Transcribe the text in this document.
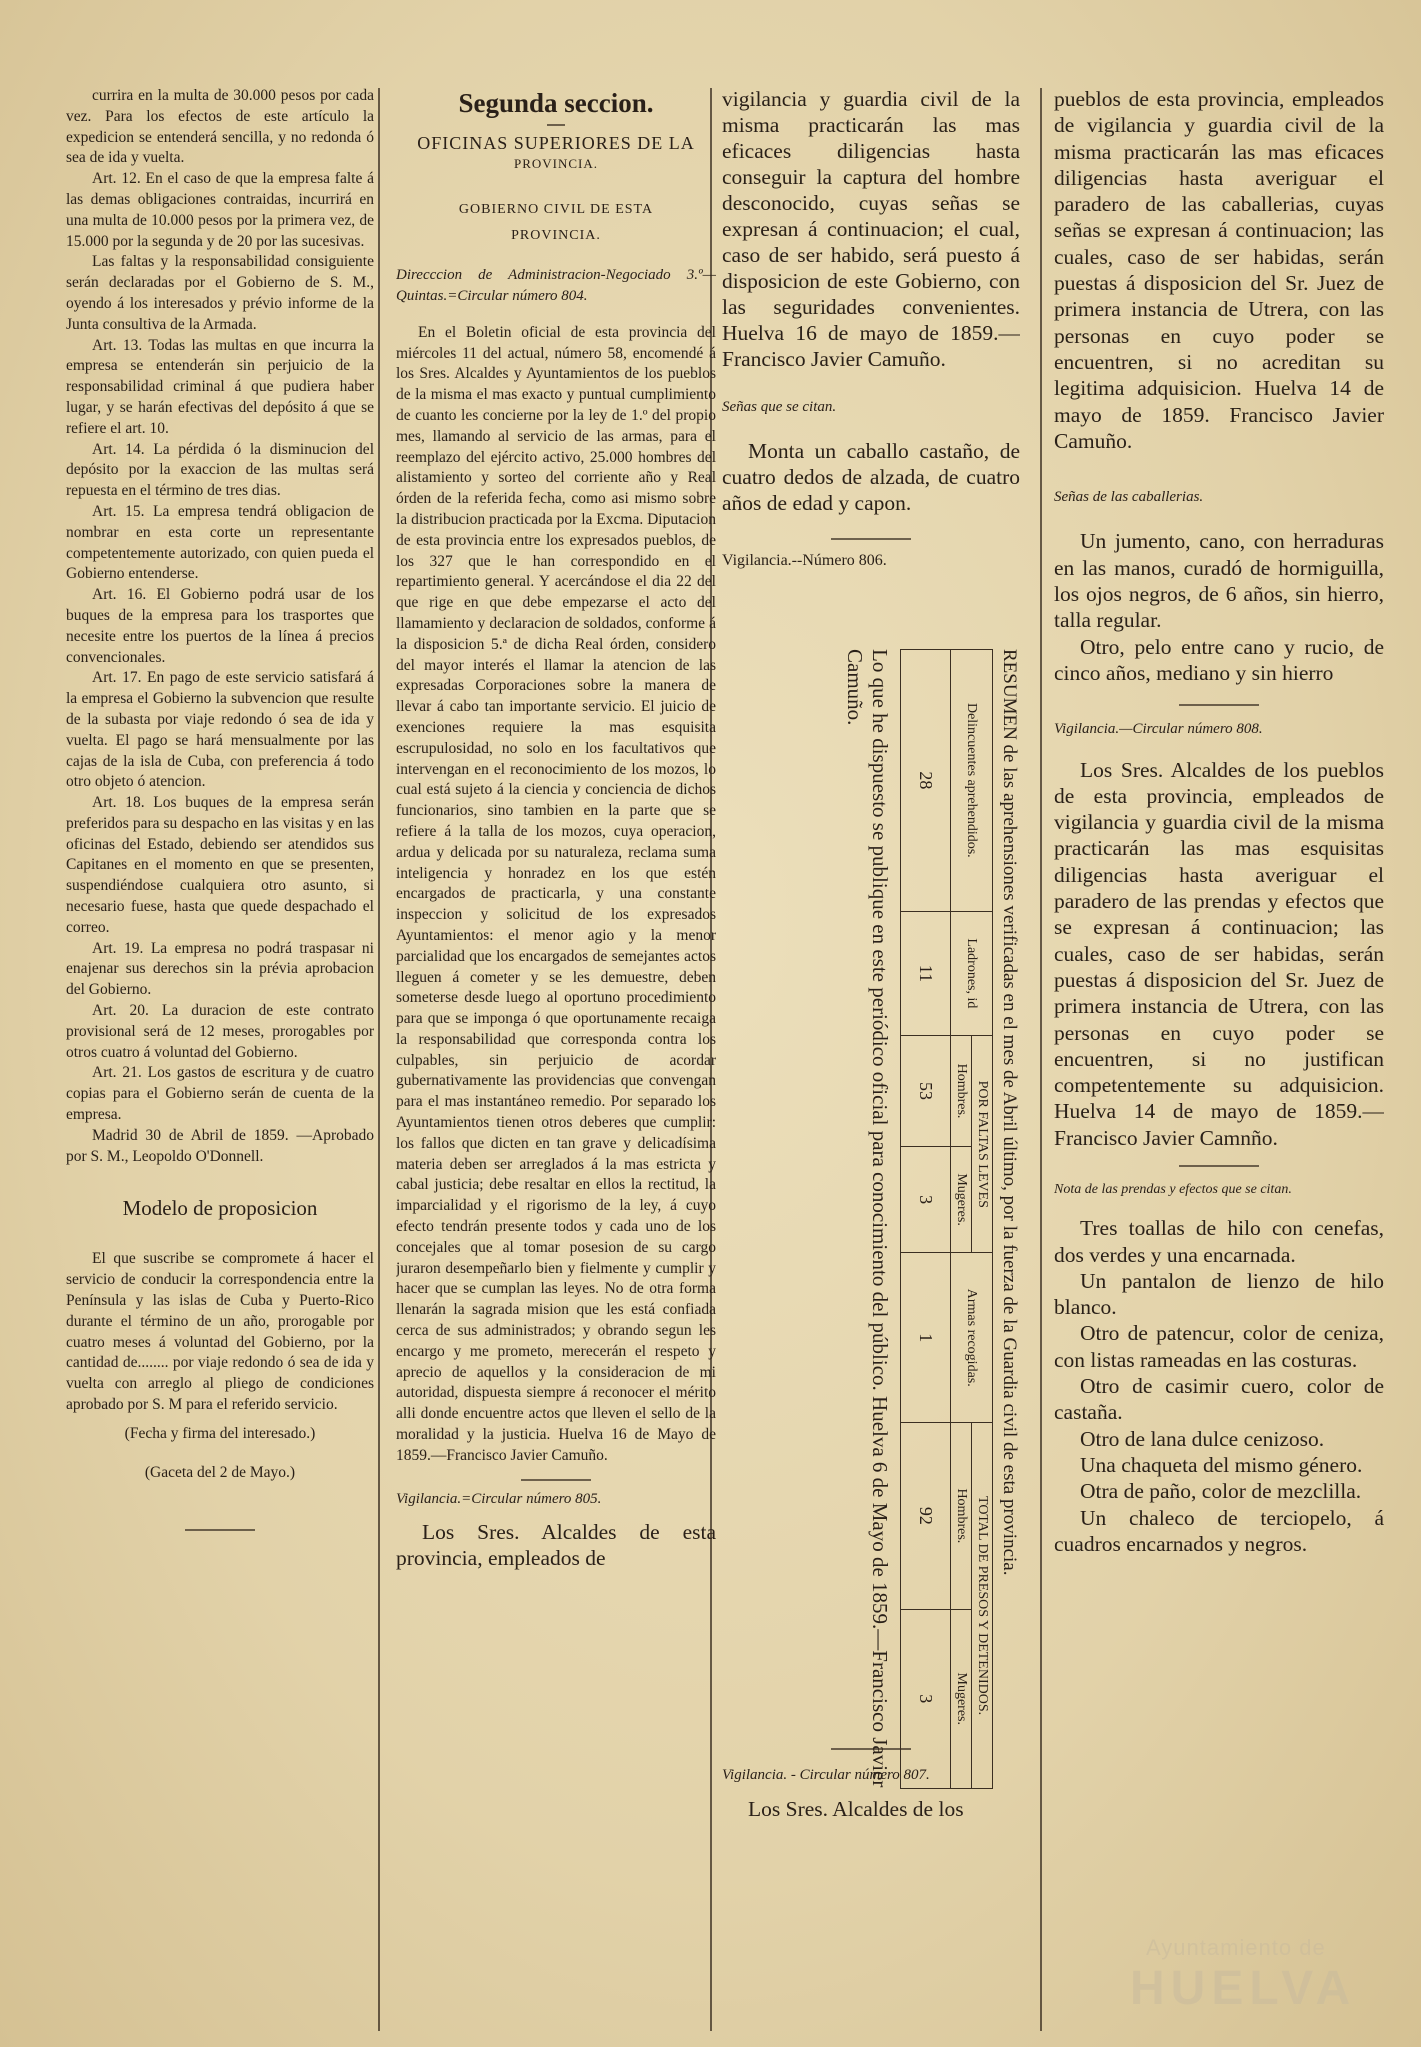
currira en la multa de 30.000 pesos por cada vez. Para los efectos de este artículo la expedicion se entenderá sencilla, y no redonda ó sea de ida y vuelta.

Art. 12. En el caso de que la empresa falte á las demas obligaciones contraidas, incurrirá en una multa de 10.000 pesos por la primera vez, de 15.000 por la segunda y de 20 por las sucesivas.

Las faltas y la responsabilidad consiguiente serán declaradas por el Gobierno de S. M., oyendo á los interesados y prévio informe de la Junta consultiva de la Armada.

Art. 13. Todas las multas en que incurra la empresa se entenderán sin perjuicio de la responsabilidad criminal á que pudiera haber lugar, y se harán efectivas del depósito á que se refiere el art. 10.

Art. 14. La pérdida ó la disminucion del depósito por la exaccion de las multas será repuesta en el término de tres dias.

Art. 15. La empresa tendrá obligacion de nombrar en esta corte un representante competentemente autorizado, con quien pueda el Gobierno entenderse.

Art. 16. El Gobierno podrá usar de los buques de la empresa para los trasportes que necesite entre los puertos de la línea á precios convencionales.

Art. 17. En pago de este servicio satisfará á la empresa el Gobierno la subvencion que resulte de la subasta por viaje redondo ó sea de ida y vuelta. El pago se hará mensualmente por las cajas de la isla de Cuba, con preferencia á todo otro objeto ó atencion.

Art. 18. Los buques de la empresa serán preferidos para su despacho en las visitas y en las oficinas del Estado, debiendo ser atendidos sus Capitanes en el momento en que se presenten, suspendiéndose cualquiera otro asunto, si necesario fuese, hasta que quede despachado el correo.

Art. 19. La empresa no podrá traspasar ni enajenar sus derechos sin la prévia aprobacion del Gobierno.

Art. 20. La duracion de este contrato provisional será de 12 meses, prorogables por otros cuatro á voluntad del Gobierno.

Art. 21. Los gastos de escritura y de cuatro copias para el Gobierno serán de cuenta de la empresa.

Madrid 30 de Abril de 1859. —Aprobado por S. M., Leopoldo O'Donnell.

Modelo de proposicion

El que suscribe se compromete á hacer el servicio de conducir la correspondencia entre la Península y las islas de Cuba y Puerto-Rico durante el término de un año, prorogable por cuatro meses á voluntad del Gobierno, por la cantidad de........ por viaje redondo ó sea de ida y vuelta con arreglo al pliego de condiciones aprobado por S. M para el referido servicio.

(Fecha y firma del interesado.)

(Gaceta del 2 de Mayo.)

Segunda seccion.

OFICINAS SUPERIORES DE LA

PROVINCIA.

GOBIERNO CIVIL DE ESTA PROVINCIA.

Direcccion de Administracion-Negociado 3.º—Quintas.=Circular número 804.

En el Boletin oficial de esta provincia del miércoles 11 del actual, número 58, encomendé á los Sres. Alcaldes y Ayuntamientos de los pueblos de la misma el mas exacto y puntual cumplimiento de cuanto les concierne por la ley de 1.º del propio mes, llamando al servicio de las armas, para el reemplazo del ejército activo, 25.000 hombres del alistamiento y sorteo del corriente año y Real órden de la referida fecha, como asi mismo sobre la distribucion practicada por la Excma. Diputacion de esta provincia entre los expresados pueblos, de los 327 que le han correspondido en el repartimiento general. Y acercándose el dia 22 del que rige en que debe empezarse el acto del llamamiento y declaracion de soldados, conforme á la disposicion 5.ª de dicha Real órden, considero del mayor interés el llamar la atencion de las expresadas Corporaciones sobre la manera de llevar á cabo tan importante servicio. El juicio de exenciones requiere la mas esquisita escrupulosidad, no solo en los facultativos que intervengan en el reconocimiento de los mozos, lo cual está sujeto á la ciencia y conciencia de dichos funcionarios, sino tambien en la parte que se refiere á la talla de los mozos, cuya operacion, ardua y delicada por su naturaleza, reclama suma inteligencia y honradez en los que estén encargados de practicarla, y una constante inspeccion y solicitud de los expresados Ayuntamientos: el menor agio y la menor parcialidad que los encargados de semejantes actos lleguen á cometer y se les demuestre, deben someterse desde luego al oportuno procedimiento para que se imponga ó que oportunamente recaiga la responsabilidad que corresponda contra los culpables, sin perjuicio de acordar gubernativamente las providencias que convengan para el mas instantáneo remedio. Por separado los Ayuntamientos tienen otros deberes que cumplir: los fallos que dicten en tan grave y delicadísima materia deben ser arreglados á la mas estricta y cabal justicia; debe resaltar en ellos la rectitud, la imparcialidad y el rigorismo de la ley, á cuyo efecto tendrán presente todos y cada uno de los concejales que al tomar posesion de su cargo juraron desempeñarlo bien y fielmente y cumplir y hacer que se cumplan las leyes. No de otra forma llenarán la sagrada mision que les está confiada cerca de sus administrados; y obrando segun les encargo y me prometo, merecerán el respeto y aprecio de aquellos y la consideracion de mi autoridad, dispuesta siempre á reconocer el mérito alli donde encuentre actos que lleven el sello de la moralidad y la justicia. Huelva 16 de Mayo de 1859.—Francisco Javier Camuño.

Vigilancia.=Circular número 805.

Los Sres. Alcaldes de esta provincia, empleados de

vigilancia y guardia civil de la misma practicarán las mas eficaces diligencias hasta conseguir la captura del hombre desconocido, cuyas señas se expresan á continuacion; el cual, caso de ser habido, será puesto á disposicion de este Gobierno, con las seguridades convenientes. Huelva 16 de mayo de 1859.—Francisco Javier Camuño.

Señas que se citan.

Monta un caballo castaño, de cuatro dedos de alzada, de cuatro años de edad y capon.

Vigilancia.--Número 806.

Vigilancia. - Circular número 807.

Los Sres. Alcaldes de los

RESUMEN de las aprehensiones verificadas en el mes de Abril último, por la fuerza de la Guardia civil de esta provincia.

Delincuentes aprehendidos.	Ladrones, id	POR FALTAS LEVES		Armas recogidas.	TOTAL DE PRESOS Y DETENIDOS.	
		Hombres.	Mugeres.		Hombres.	Mugeres.
28	11	53	3	1	92	3

Lo que he dispuesto se publique en este periódico oficial para conocimiento del público. Huelva 6 de Mayo de 1859.—Francisco Javier Camuño.

pueblos de esta provincia, empleados de vigilancia y guardia civil de la misma practicarán las mas eficaces diligencias hasta averiguar el paradero de las caballerias, cuyas señas se expresan á continuacion; las cuales, caso de ser habidas, serán puestas á disposicion del Sr. Juez de primera instancia de Utrera, con las personas en cuyo poder se encuentren, si no acreditan su legitima adquisicion. Huelva 14 de mayo de 1859. Francisco Javier Camuño.

Señas de las caballerias.

Un jumento, cano, con herraduras en las manos, curadó de hormiguilla, los ojos negros, de 6 años, sin hierro, talla regular.

Otro, pelo entre cano y rucio, de cinco años, mediano y sin hierro

Vigilancia.—Circular número 808.

Los Sres. Alcaldes de los pueblos de esta provincia, empleados de vigilancia y guardia civil de la misma practicarán las mas esquisitas diligencias hasta averiguar el paradero de las prendas y efectos que se expresan á continuacion; las cuales, caso de ser habidas, serán puestas á disposicion del Sr. Juez de primera instancia de Utrera, con las personas en cuyo poder se encuentren, si no justifican competentemente su adquisicion. Huelva 14 de mayo de 1859.—Francisco Javier Camnño.

Nota de las prendas y efectos que se citan.

Tres toallas de hilo con cenefas, dos verdes y una encarnada.

Un pantalon de lienzo de hilo blanco.

Otro de patencur, color de ceniza, con listas rameadas en las costuras.

Otro de casimir cuero, color de castaña.

Otro de lana dulce cenizoso.

Una chaqueta del mismo género.

Otra de paño, color de mezclilla.

Un chaleco de terciopelo, á cuadros encarnados y negros.

Ayuntamiento de
HUELVA
